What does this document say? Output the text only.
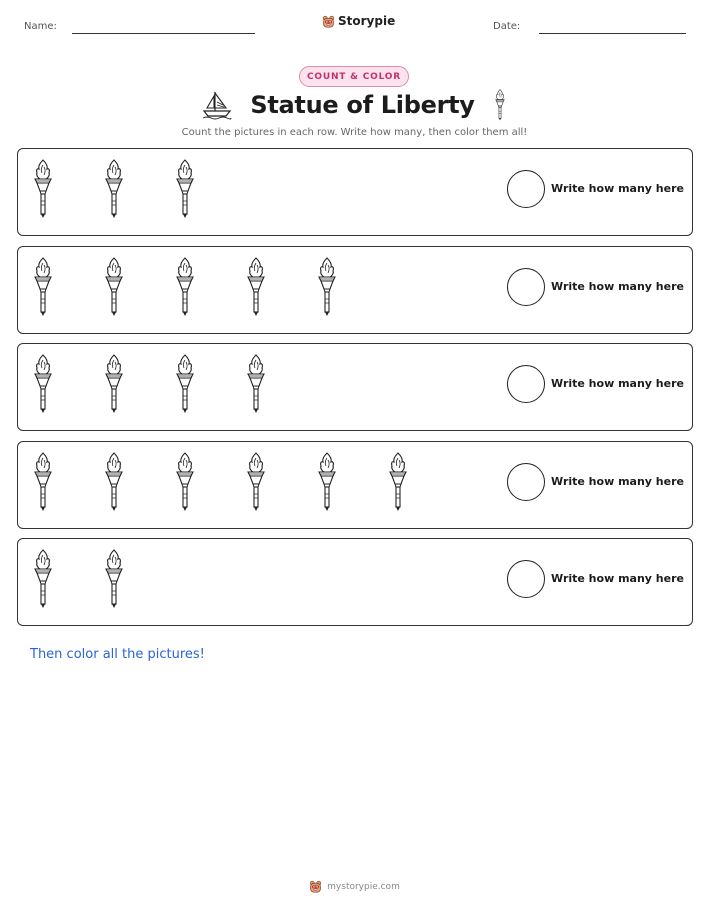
Name:	Storypie	Date:
COUNT & COLOR
Statue of Liberty
Count the pictures in each row. Write how many, then color them all!
Write how many here
Write how many here
Write how many here
Write how many here
Write how many here
Then color all the pictures!
mystorypie.com
